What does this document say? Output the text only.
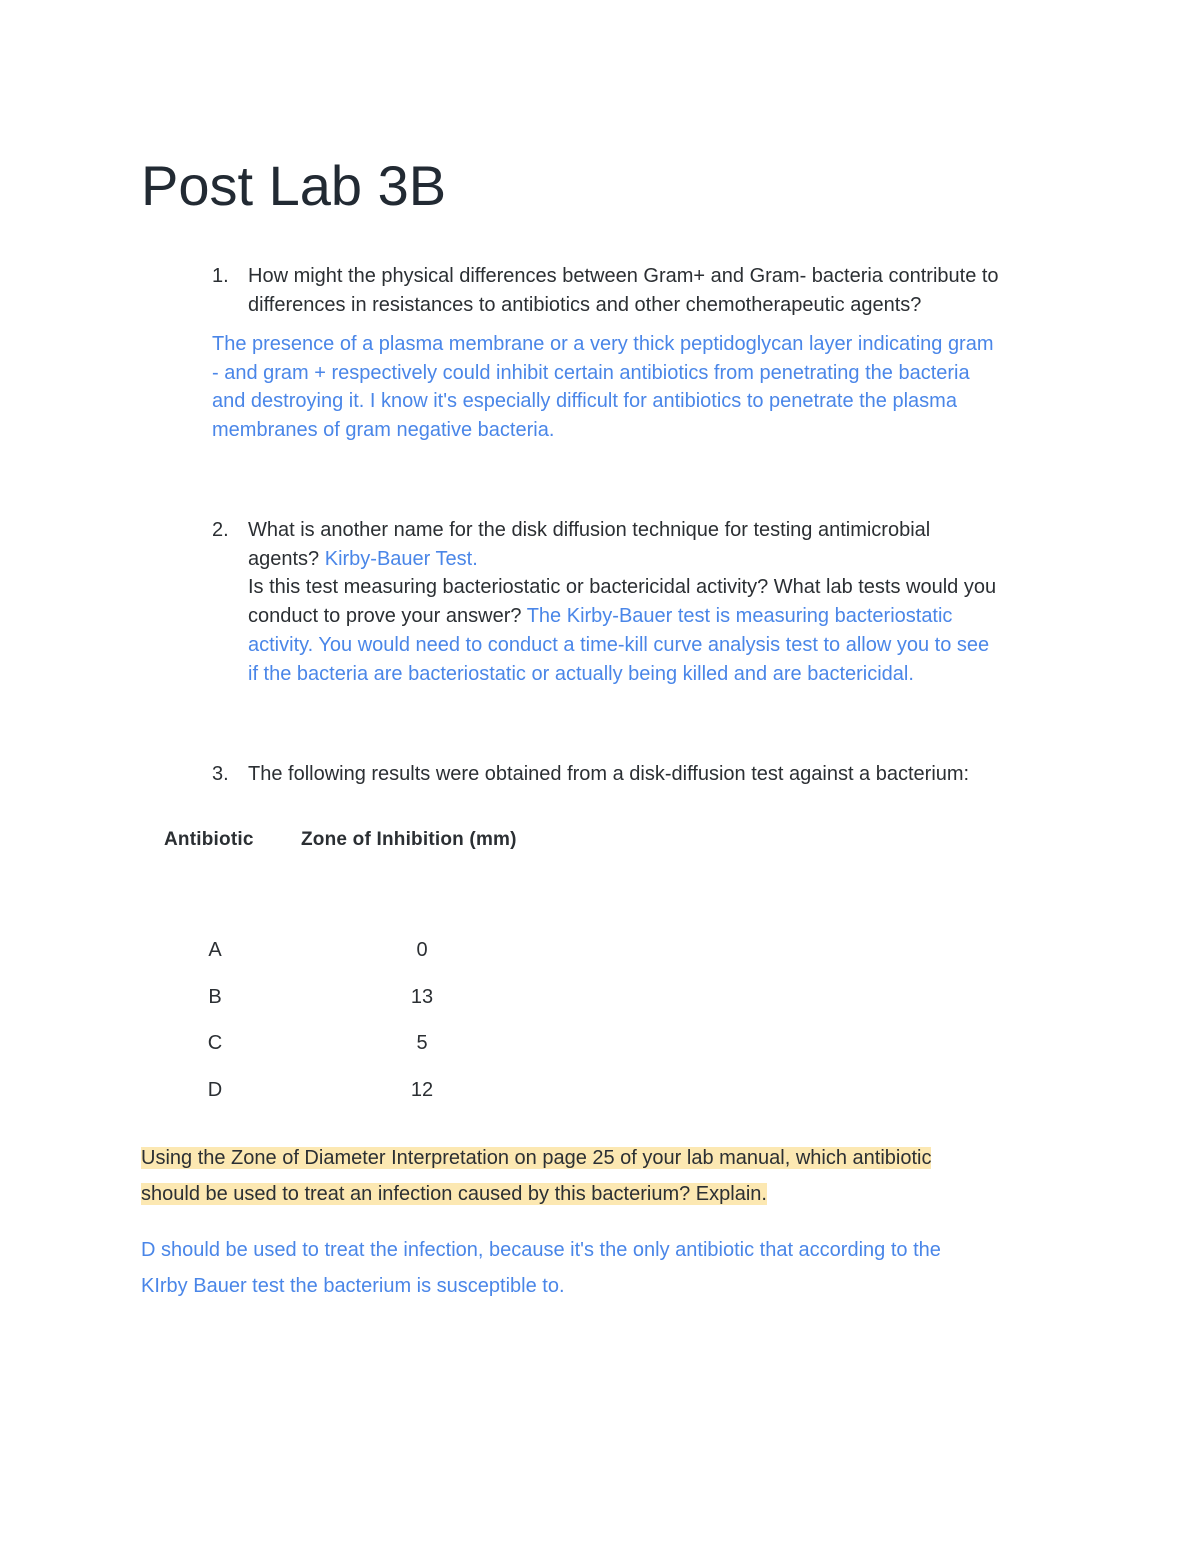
Post Lab 3B
1. How might the physical differences between Gram+ and Gram- bacteria contribute to
differences in resistances to antibiotics and other chemotherapeutic agents?
The presence of a plasma membrane or a very thick peptidoglycan layer indicating gram
- and gram + respectively could inhibit certain antibiotics from penetrating the bacteria
and destroying it. I know it's especially difficult for antibiotics to penetrate the plasma
membranes of gram negative bacteria.
2. What is another name for the disk diffusion technique for testing antimicrobial
agents? Kirby-Bauer Test.
Is this test measuring bacteriostatic or bactericidal activity? What lab tests would you
conduct to prove your answer? The Kirby-Bauer test is measuring bacteriostatic
activity. You would need to conduct a time-kill curve analysis test to allow you to see
if the bacteria are bacteriostatic or actually being killed and are bactericidal.
3. The following results were obtained from a disk-diffusion test against a bacterium:
Antibiotic Zone of Inhibition (mm)
A	0
B	13
C	5
D	12
Using the Zone of Diameter Interpretation on page 25 of your lab manual, which antibiotic
should be used to treat an infection caused by this bacterium? Explain.
D should be used to treat the infection, because it's the only antibiotic that according to the
KIrby Bauer test the bacterium is susceptible to.
